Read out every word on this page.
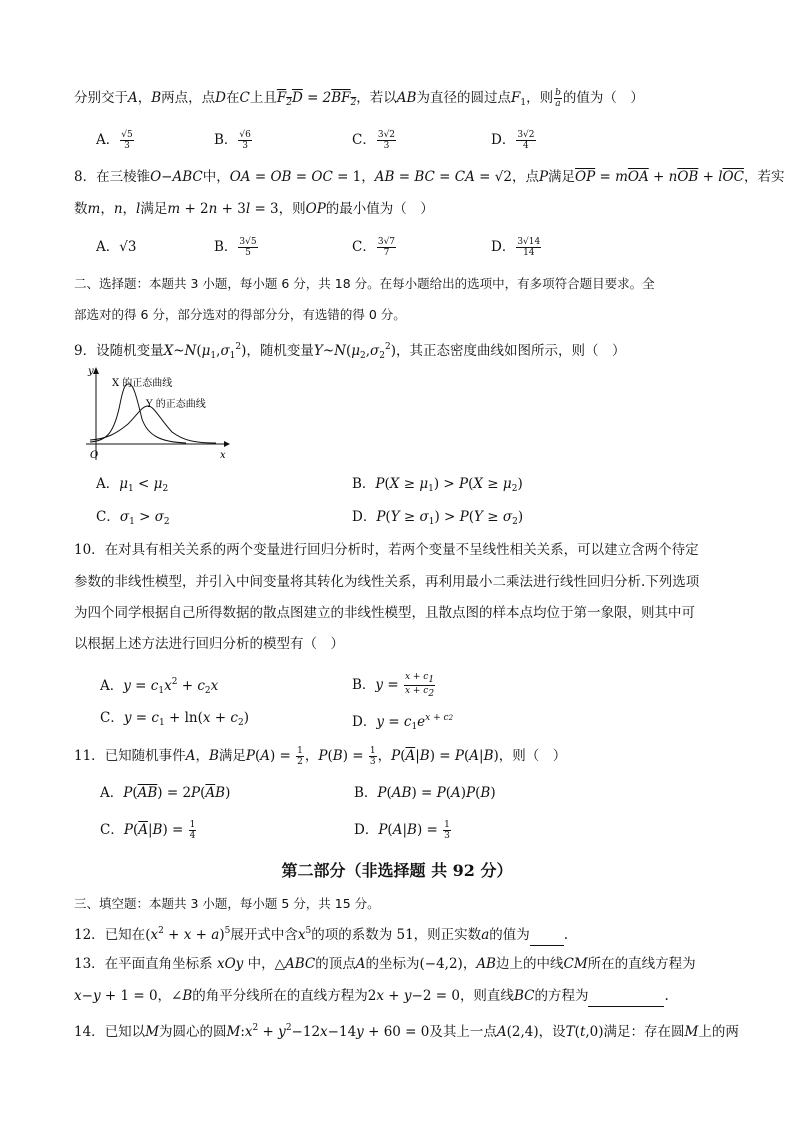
分别交于A，B两点，点D在C上且$F_2D = 2BF_2$，若以AB为直径的圆过点$F_1$，则 $\frac{b}{a}$ 的值为（　）
A． $\frac{√5}{3}$	B． $\frac{√6}{3}$	C． $\frac{3√2}{3}$	D． $\frac{3√2}{4}$
8．在三棱锥O−ABC中，OA = OB = OC = 1，AB = BC = CA = √2，点P满足$\overline{OP} = m\overline{OA} + n\overline{OB} + l\overline{OC}$，若实
数m，n，l满足m + 2n + 3l = 3，则OP的最小值为（　）
A．√3	B． $\frac{3√5}{5}$	C． $\frac{3√7}{7}$	D． $\frac{3√14}{14}$
二、选择题：本题共 3 小题，每小题 6 分，共 18 分。在每小题给出的选项中，有多项符合题目要求。全
部选对的得 6 分，部分选对的得部分分，有选错的得 0 分。
9．设随机变量$X\sim N(\mu_1,\sigma_1^2)$，随机变量$Y\sim N(\mu_2,\sigma_2^2)$，其正态密度曲线如图所示，则（　）
X 的正态曲线
Y 的正态曲线
O	x
y
A．$\mu_1 < \mu_2$	B．$P(X \ge \mu_1) > P(X \ge \mu_2)$
C．$\sigma_1 > \sigma_2$	D．$P(Y \ge \sigma_1) > P(Y \ge \sigma_2)$
10．在对具有相关关系的两个变量进行回归分析时，若两个变量不呈线性相关关系，可以建立含两个待定
参数的非线性模型，并引入中间变量将其转化为线性关系，再利用最小二乘法进行线性回归分析.下列选项
为四个同学根据自己所得数据的散点图建立的非线性模型，且散点图的样本点均位于第一象限，则其中可
以根据上述方法进行回归分析的模型有（　）
A．$y = c_1x^2 + c_2x$	B．$y = \frac{x + c1}{x + c2}$
C．$y = c_1 + \ln(x + c_2)$	D．$y = c_1e^{x + c2}$
11．已知随机事件A，B满足$P(A) = \frac{1}{2}$ ，$P(B) = \frac{1}{3}$ ，$P(\overline{A}|B) = P(A|B)$，则（　）
A．$P(\overline{AB}) = 2P(\overline{A}B)$	B．P(AB) = P(A)P(B)
C．$P(\overline{A}|B) = \frac{1}{4}$	D．$P(A|B) = \frac{1}{3}$
第二部分（非选择题 共 92 分）
三、填空题：本题共 3 小题，每小题 5 分，共 15 分。
12．已知在$(x^2 + x + a)^5$展开式中含$x^5$的项的系数为 51，则正实数a的值为	.
13．在平面直角坐标系 xOy 中，△ABC的顶点A的坐标为(−4,2)，AB边上的中线CM所在的直线方程为
x−y + 1 = 0，∠B的角平分线所在的直线方程为2x + y−2 = 0，则直线BC的方程为	.
14．已知以M为圆心的圆$M:x^2 + y^2-12x-14y + 60 = 0$及其上一点A(2,4)，设T(t,0)满足：存在圆M上的两
